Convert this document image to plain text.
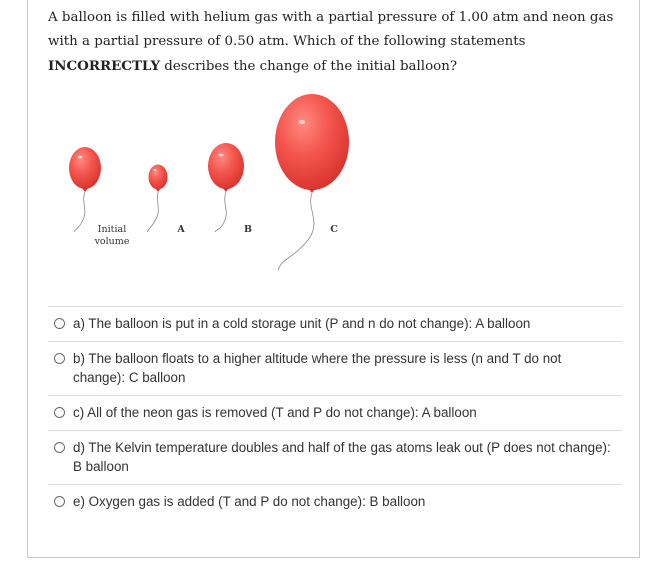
A balloon is filled with helium gas with a partial pressure of 1.00 atm and neon gas with a partial pressure of 0.50 atm. Which of the following statements INCORRECTLY describes the change of the initial balloon?
Initial
volume
A	B	C
a) The balloon is put in a cold storage unit (P and n do not change): A balloon
b) The balloon floats to a higher altitude where the pressure is less (n and T do not change): C balloon
c) All of the neon gas is removed (T and P do not change): A balloon
d) The Kelvin temperature doubles and half of the gas atoms leak out (P does not change): B balloon
e) Oxygen gas is added (T and P do not change): B balloon
